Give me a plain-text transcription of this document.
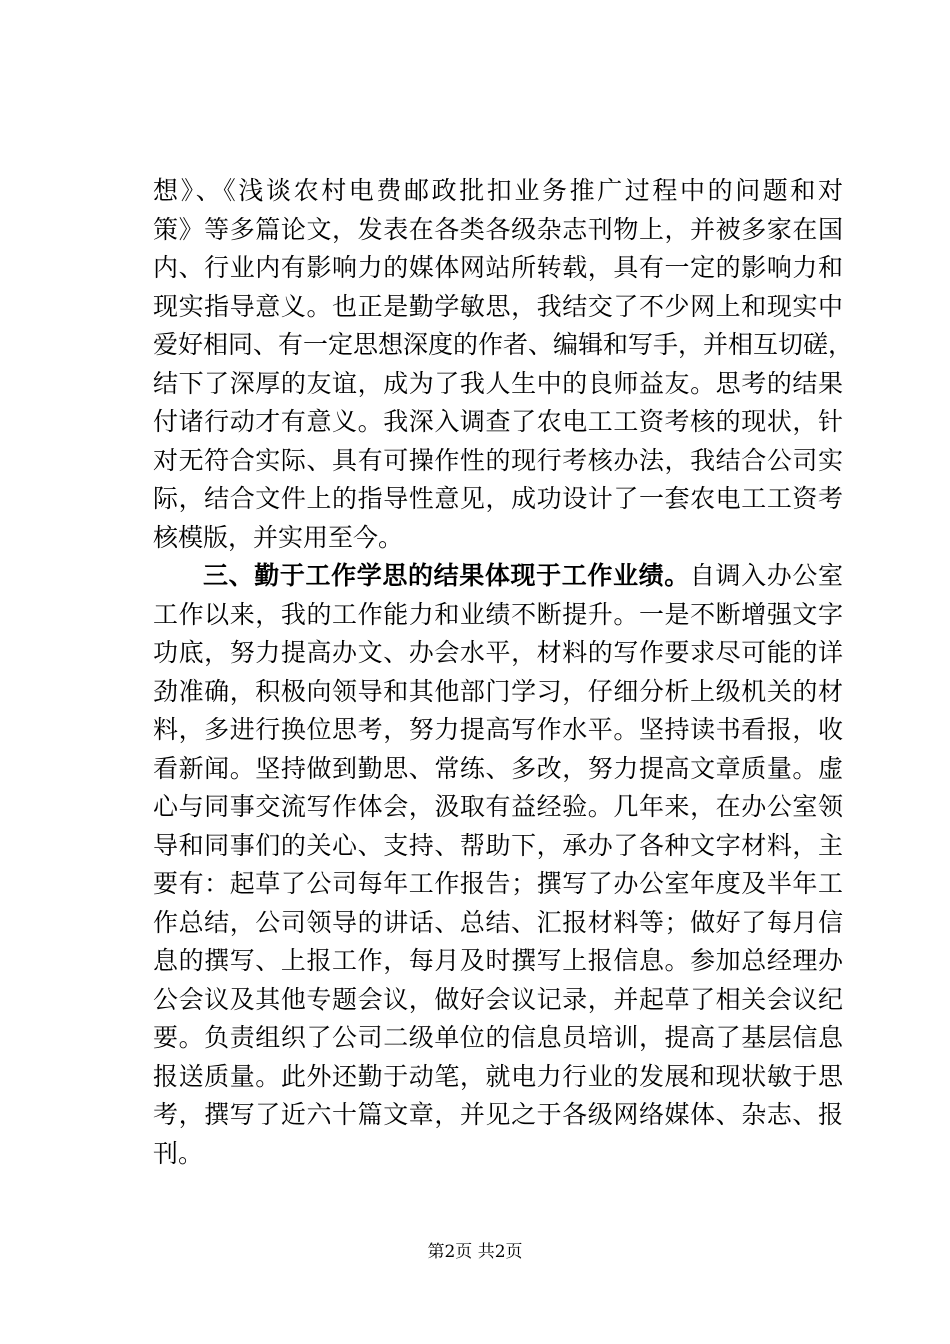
想》、《浅谈农村电费邮政批扣业务推广过程中的问题和对
策》等多篇论文，发表在各类各级杂志刊物上，并被多家在国
内、行业内有影响力的媒体网站所转载，具有一定的影响力和
现实指导意义。也正是勤学敏思，我结交了不少网上和现实中
爱好相同、有一定思想深度的作者、编辑和写手，并相互切磋，
结下了深厚的友谊，成为了我人生中的良师益友。思考的结果
付诸行动才有意义。我深入调查了农电工工资考核的现状，针
对无符合实际、具有可操作性的现行考核办法，我结合公司实
际，结合文件上的指导性意见，成功设计了一套农电工工资考
核模版，并实用至今。
三、勤于工作学思的结果体现于工作业绩。自调入办公室
工作以来，我的工作能力和业绩不断提升。一是不断增强文字
功底，努力提高办文、办会水平，材料的写作要求尽可能的详
劲准确，积极向领导和其他部门学习，仔细分析上级机关的材
料，多进行换位思考，努力提高写作水平。坚持读书看报，收
看新闻。坚持做到勤思、常练、多改，努力提高文章质量。虚
心与同事交流写作体会，汲取有益经验。几年来，在办公室领
导和同事们的关心、支持、帮助下，承办了各种文字材料，主
要有：起草了公司每年工作报告；撰写了办公室年度及半年工
作总结，公司领导的讲话、总结、汇报材料等；做好了每月信
息的撰写、上报工作，每月及时撰写上报信息。参加总经理办
公会议及其他专题会议，做好会议记录，并起草了相关会议纪
要。负责组织了公司二级单位的信息员培训，提高了基层信息
报送质量。此外还勤于动笔，就电力行业的发展和现状敏于思
考，撰写了近六十篇文章，并见之于各级网络媒体、杂志、报
刊。
第2页 共2页
